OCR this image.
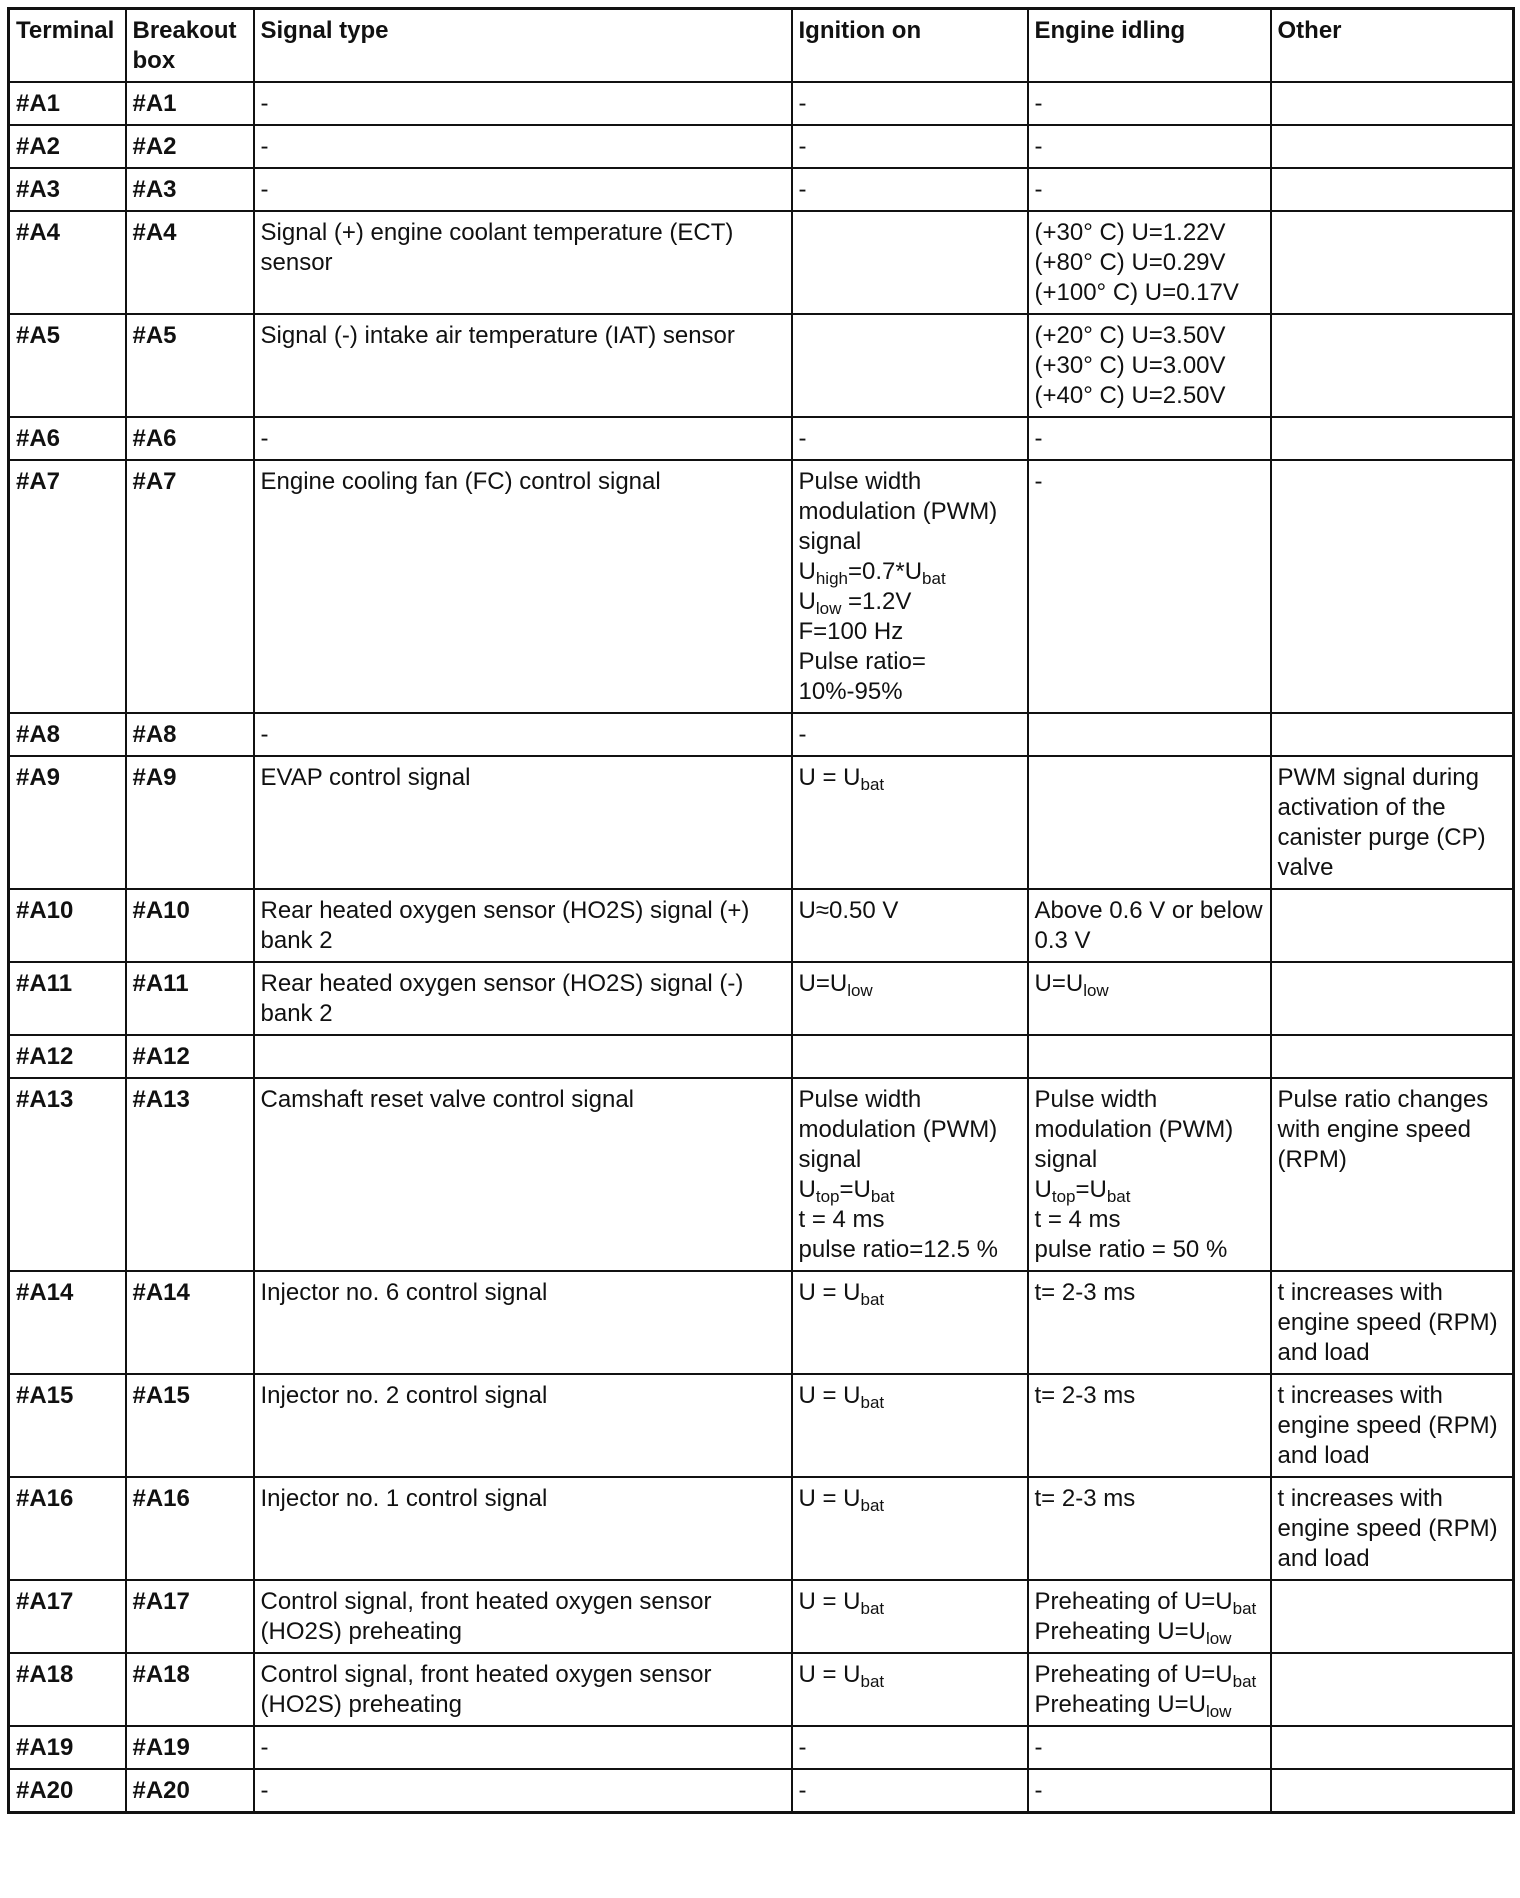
Terminal	Breakout box	Signal type	Ignition on	Engine idling	Other
#A1	#A1	-	-	-	

#A2	#A2	-	-	-	

#A3	#A3	-	-	-	

#A4	#A4	Signal (+) engine coolant temperature (ECT) sensor		(+30° C) U=1.22V
(+80° C) U=0.29V
(+100° C) U=0.17V	

#A5	#A5	Signal (-) intake air temperature (IAT) sensor		(+20° C) U=3.50V
(+30° C) U=3.00V
(+40° C) U=2.50V	

#A6	#A6	-	-	-	

#A7	#A7	Engine cooling fan (FC) control signal	Pulse width modulation (PWM) signal
$U_{high}=0.7*U_{bat}$
$U_{low} =1.2V$
F=100 Hz
Pulse ratio= 10%-95%	-	

#A8	#A8	-	-		

#A9	#A9	EVAP control signal	$U = U_{bat}$		PWM signal during activation of the canister purge (CP) valve

#A10	#A10	Rear heated oxygen sensor (HO2S) signal (+) bank 2	U≈0.50 V	Above 0.6 V or below 0.3 V	

#A11	#A11	Rear heated oxygen sensor (HO2S) signal (-) bank 2	$U=U_{low}$	$U=U_{low}$

#A12	#A12				
#A13	#A13	Camshaft reset valve control signal	Pulse width modulation (PWM) signal
$U_{top}=U_{bat}$
t = 4 ms
pulse ratio=12.5 %	Pulse width modulation (PWM) signal
$U_{top}=U_{bat}$
t = 4 ms
pulse ratio = 50 %	Pulse ratio changes with engine speed (RPM)

#A14	#A14	Injector no. 6 control signal	$U = U_{bat}$	t= 2-3 ms	t increases with engine speed (RPM) and load

#A15	#A15	Injector no. 2 control signal	$U = U_{bat}$	t= 2-3 ms	t increases with engine speed (RPM) and load

#A16	#A16	Injector no. 1 control signal	$U = U_{bat}$	t= 2-3 ms	t increases with engine speed (RPM) and load

#A17	#A17	Control signal, front heated oxygen sensor (HO2S) preheating	$U = U_{bat}$	Preheating of $U=U_{bat}$
Preheating $U=U_{low}$

#A18	#A18	Control signal, front heated oxygen sensor (HO2S) preheating	$U = U_{bat}$	Preheating of $U=U_{bat}$
Preheating $U=U_{low}$

#A19	#A19	-	-	-	

#A20	#A20	-	-	-	
